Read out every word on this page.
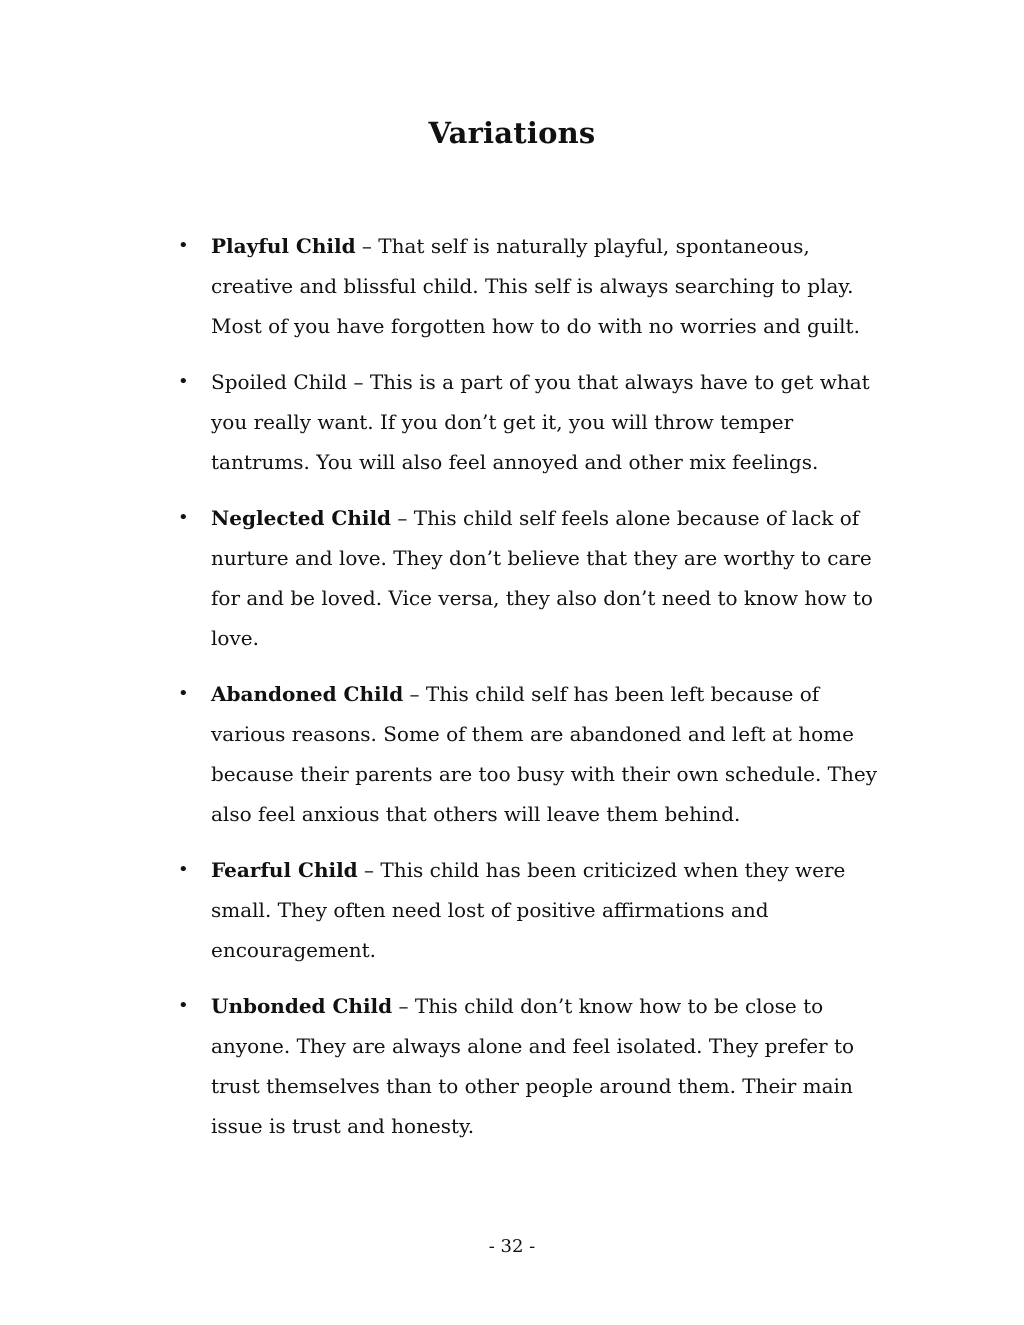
Variations
• Playful Child – That self is naturally playful, spontaneous, creative and blissful child. This self is always searching to play. Most of you have forgotten how to do with no worries and guilt.
• Spoiled Child – This is a part of you that always have to get what you really want. If you don’t get it, you will throw temper tantrums. You will also feel annoyed and other mix feelings.
• Neglected Child – This child self feels alone because of lack of nurture and love. They don’t believe that they are worthy to care for and be loved. Vice versa, they also don’t need to know how to love.
• Abandoned Child – This child self has been left because of various reasons. Some of them are abandoned and left at home because their parents are too busy with their own schedule. They also feel anxious that others will leave them behind.
• Fearful Child – This child has been criticized when they were small. They often need lost of positive affirmations and encouragement.
• Unbonded Child – This child don’t know how to be close to anyone. They are always alone and feel isolated. They prefer to trust themselves than to other people around them. Their main issue is trust and honesty.
- 32 -
